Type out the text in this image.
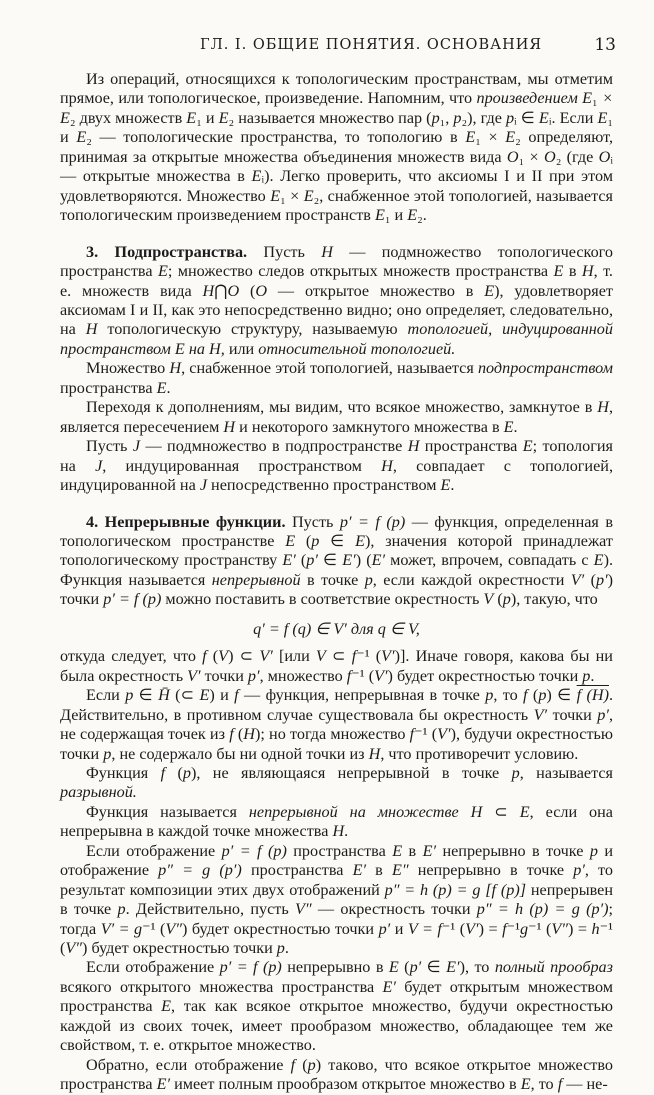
ГЛ. I. ОБЩИЕ ПОНЯТИЯ. ОСНОВАНИЯ	13

Из операций, относящихся к топологическим пространствам, мы отметим прямое, или топологическое, произведение. Напомним, что произведением E₁ × E₂ двух множеств E₁ и E₂ называется множество пар (p₁, p₂), где pᵢ ∈ Eᵢ. Если E₁ и E₂ — топологические пространства, то топологию в E₁ × E₂ определяют, принимая за открытые множества объединения множеств вида O₁ × O₂ (где Oᵢ — открытые множества в Eᵢ). Легко проверить, что аксиомы I и II при этом удовлетворяются. Множество E₁ × E₂, снабженное этой топологией, называется топологическим произведением пространств E₁ и E₂.

3. Подпространства. Пусть H — подмножество топологического пространства E; множество следов открытых множеств пространства E в H, т. е. множеств вида H⋂O (O — открытое множество в E), удовлетворяет аксиомам I и II, как это непосредственно видно; оно определяет, следовательно, на H топологическую структуру, называемую топологией, индуцированной пространством E на H, или относительной топологией.

Множество H, снабженное этой топологией, называется подпространством пространства E.

Переходя к дополнениям, мы видим, что всякое множество, замкнутое в H, является пересечением H и некоторого замкнутого множества в E.

Пусть J — подмножество в подпространстве H пространства E; топология на J, индуцированная пространством H, совпадает с топологией, индуцированной на J непосредственно пространством E.

4. Непрерывные функции. Пусть p′ = f (p) — функция, определенная в топологическом пространстве E (p ∈ E), значения которой принадлежат топологическому пространству E′ (p′ ∈ E′) (E′ может, впрочем, совпадать с E). Функция называется непрерывной в точке p, если каждой окрестности V′ (p′) точки p′ = f (p) можно поставить в соответствие окрестность V (p), такую, что

q′ = f (q) ∈ V′ для q ∈ V,

откуда следует, что f (V) ⊂ V′ [или V ⊂ f⁻¹ (V′)]. Иначе говоря, какова бы ни была окрестность V′ точки p′, множество f⁻¹ (V′) будет окрестностью точки p.

Если p ∈ H̄ (⊂ E) и f — функция, непрерывная в точке p, то f (p) ∈ f (H). Действительно, в противном случае существовала бы окрестность V′ точки p′, не содержащая точек из f (H); но тогда множество f⁻¹ (V′), будучи окрестностью точки p, не содержало бы ни одной точки из H, что противоречит условию.

Функция f (p), не являющаяся непрерывной в точке p, называется разрывной.

Функция называется непрерывной на множестве H ⊂ E, если она непрерывна в каждой точке множества H.

Если отображение p′ = f (p) пространства E в E′ непрерывно в точке p и отображение p″ = g (p′) пространства E′ в E″ непрерывно в точке p′, то результат композиции этих двух отображений p″ = h (p) = g [f (p)] непрерывен в точке p. Действительно, пусть V″ — окрестность точки p″ = h (p) = g (p′); тогда V′ = g⁻¹ (V″) будет окрестностью точки p′ и V = f⁻¹ (V′) = f⁻¹g⁻¹ (V″) = h⁻¹ (V″) будет окрестностью точки p.

Если отображение p′ = f (p) непрерывно в E (p′ ∈ E′), то полный прообраз всякого открытого множества пространства E′ будет открытым множеством пространства E, так как всякое открытое множество, будучи окрестностью каждой из своих точек, имеет прообразом множество, обладающее тем же свойством, т. е. открытое множество.

Обратно, если отображение f (p) таково, что всякое открытое множество пространства E′ имеет полным прообразом открытое множество в E, то f — не-
